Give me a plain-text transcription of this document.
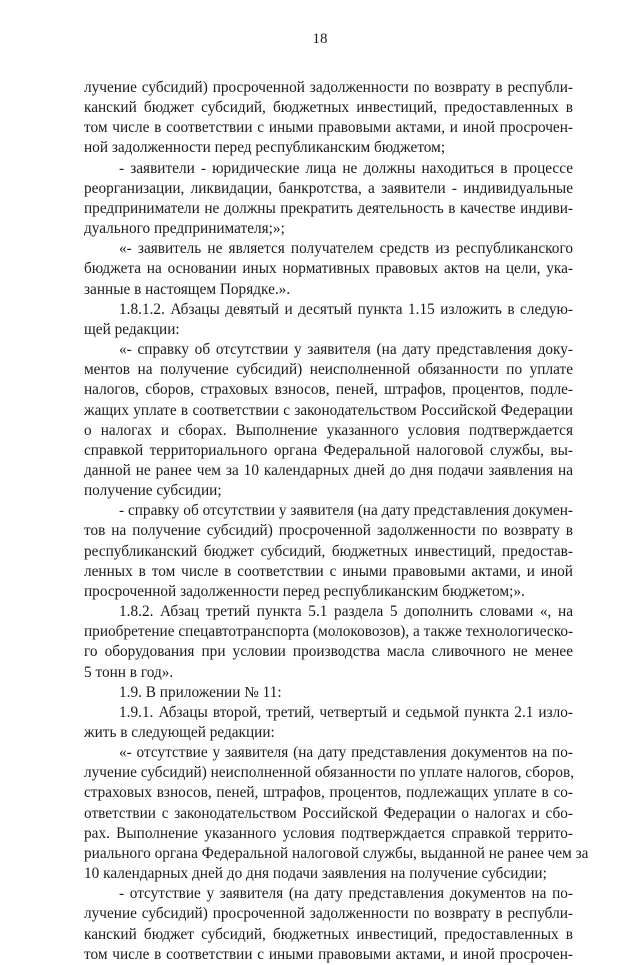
18
лучение субсидий) просроченной задолженности по возврату в республи-
канский бюджет субсидий, бюджетных инвестиций, предоставленных в
том числе в соответствии с иными правовыми актами, и иной просрочен-
ной задолженности перед республиканским бюджетом;
- заявители - юридические лица не должны находиться в процессе
реорганизации, ликвидации, банкротства, а заявители - индивидуальные
предприниматели не должны прекратить деятельность в качестве индиви-
дуального предпринимателя;»;
«- заявитель не является получателем средств из республиканского
бюджета на основании иных нормативных правовых актов на цели, ука-
занные в настоящем Порядке.».
1.8.1.2. Абзацы девятый и десятый пункта 1.15 изложить в следую-
щей редакции:
«- справку об отсутствии у заявителя (на дату представления доку-
ментов на получение субсидий) неисполненной обязанности по уплате
налогов, сборов, страховых взносов, пеней, штрафов, процентов, подле-
жащих уплате в соответствии с законодательством Российской Федерации
о налогах и сборах. Выполнение указанного условия подтверждается
справкой территориального органа Федеральной налоговой службы, вы-
данной не ранее чем за 10 календарных дней до дня подачи заявления на
получение субсидии;
- справку об отсутствии у заявителя (на дату представления докумен-
тов на получение субсидий) просроченной задолженности по возврату в
республиканский бюджет субсидий, бюджетных инвестиций, предостав-
ленных в том числе в соответствии с иными правовыми актами, и иной
просроченной задолженности перед республиканским бюджетом;».
1.8.2. Абзац третий пункта 5.1 раздела 5 дополнить словами «, на
приобретение спецавтотранспорта (молоковозов), а также технологическо-
го оборудования при условии производства масла сливочного не менее
5 тонн в год».
1.9. В приложении № 11:
1.9.1. Абзацы второй, третий, четвертый и седьмой пункта 2.1 изло-
жить в следующей редакции:
«- отсутствие у заявителя (на дату представления документов на по-
лучение субсидий) неисполненной обязанности по уплате налогов, сборов,
страховых взносов, пеней, штрафов, процентов, подлежащих уплате в со-
ответствии с законодательством Российской Федерации о налогах и сбо-
рах. Выполнение указанного условия подтверждается справкой террито-
риального органа Федеральной налоговой службы, выданной не ранее чем за
10 календарных дней до дня подачи заявления на получение субсидии;
- отсутствие у заявителя (на дату представления документов на по-
лучение субсидий) просроченной задолженности по возврату в республи-
канский бюджет субсидий, бюджетных инвестиций, предоставленных в
том числе в соответствии с иными правовыми актами, и иной просрочен-
